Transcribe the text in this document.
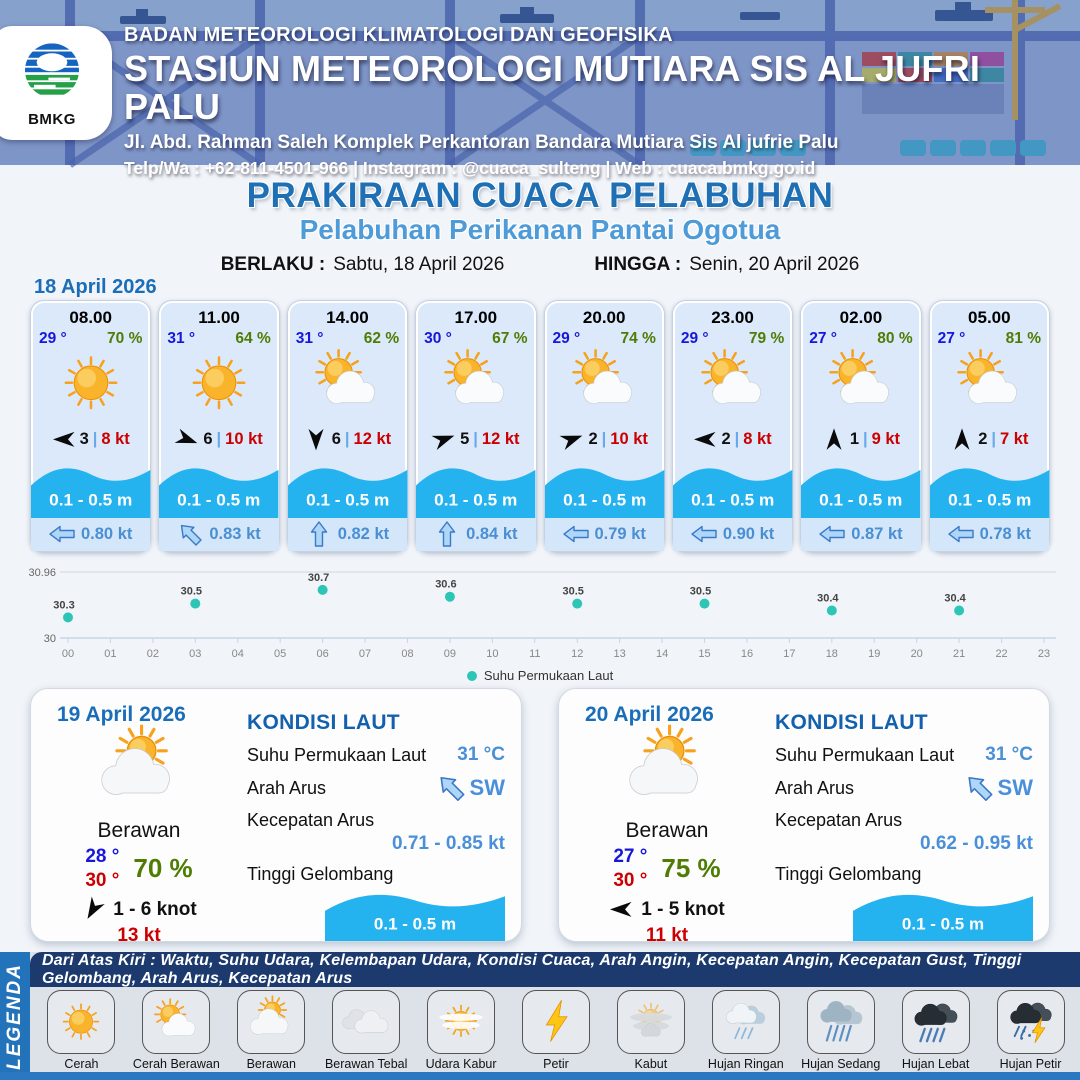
BMKG
BADAN METEOROLOGI KLIMATOLOGI DAN GEOFISIKA
STASIUN METEOROLOGI MUTIARA SIS AL JUFRI PALU
Jl. Abd. Rahman Saleh Komplek Perkantoran Bandara Mutiara Sis Al jufrie Palu
Telp/Wa : +62-811-4501-966 | Instagram : @cuaca_sulteng | Web : cuaca.bmkg.go.id
PRAKIRAAN CUACA PELABUHAN
Pelabuhan Perikanan Pantai Ogotua
BERLAKU : Sabtu, 18 April 2026	HINGGA : Senin, 20 April 2026
18 April 2026
08.00
29 °	70 %
3 | 8 kt
0.1 - 0.5 m
0.80 kt
11.00
31 °	64 %
6 | 10 kt
0.1 - 0.5 m
0.83 kt
14.00
31 °	62 %
6 | 12 kt
0.1 - 0.5 m
0.82 kt
17.00
30 °	67 %
5 | 12 kt
0.1 - 0.5 m
0.84 kt
20.00
29 °	74 %
2 | 10 kt
0.1 - 0.5 m
0.79 kt
23.00
29 °	79 %
2 | 8 kt
0.1 - 0.5 m
0.90 kt
02.00
27 °	80 %
1 | 9 kt
0.1 - 0.5 m
0.87 kt
05.00
27 °	81 %
2 | 7 kt
0.1 - 0.5 m
0.78 kt
30.96
30
00	01	02	03	04	05	06	07	08	09	10	11	12	13	14	15	16	17	18	19	20	21	22	23
30.3
30.5
30.7
30.6
30.5	30.5
30.4	30.4
Suhu Permukaan Laut
19 April 2026
Berawan
28 °
30 ° 70 %
1 - 6 knot
13 kt
KONDISI LAUT
Suhu Permukaan Laut 31 °C
Arah Arus	SW
Kecepatan Arus
0.71 - 0.85 kt
Tinggi Gelombang
0.1 - 0.5 m
20 April 2026
Berawan
27 °
30 ° 75 %
1 - 5 knot
11 kt
KONDISI LAUT
Suhu Permukaan Laut 31 °C
Arah Arus	SW
Kecepatan Arus
0.62 - 0.95 kt
Tinggi Gelombang
0.1 - 0.5 m
Dari Atas Kiri : Waktu, Suhu Udara, Kelembapan Udara, Kondisi Cuaca, Arah Angin, Kecepatan Angin, Kecepatan Gust, Tinggi Gelombang, Arah Arus, Kecepatan Arus
LEGENDA	Cerah	Cerah Berawan Berawan Berawan Tebal Udara Kabur	Petir	Kabut	Hujan Ringan Hujan Sedang Hujan Lebat Hujan Petir
